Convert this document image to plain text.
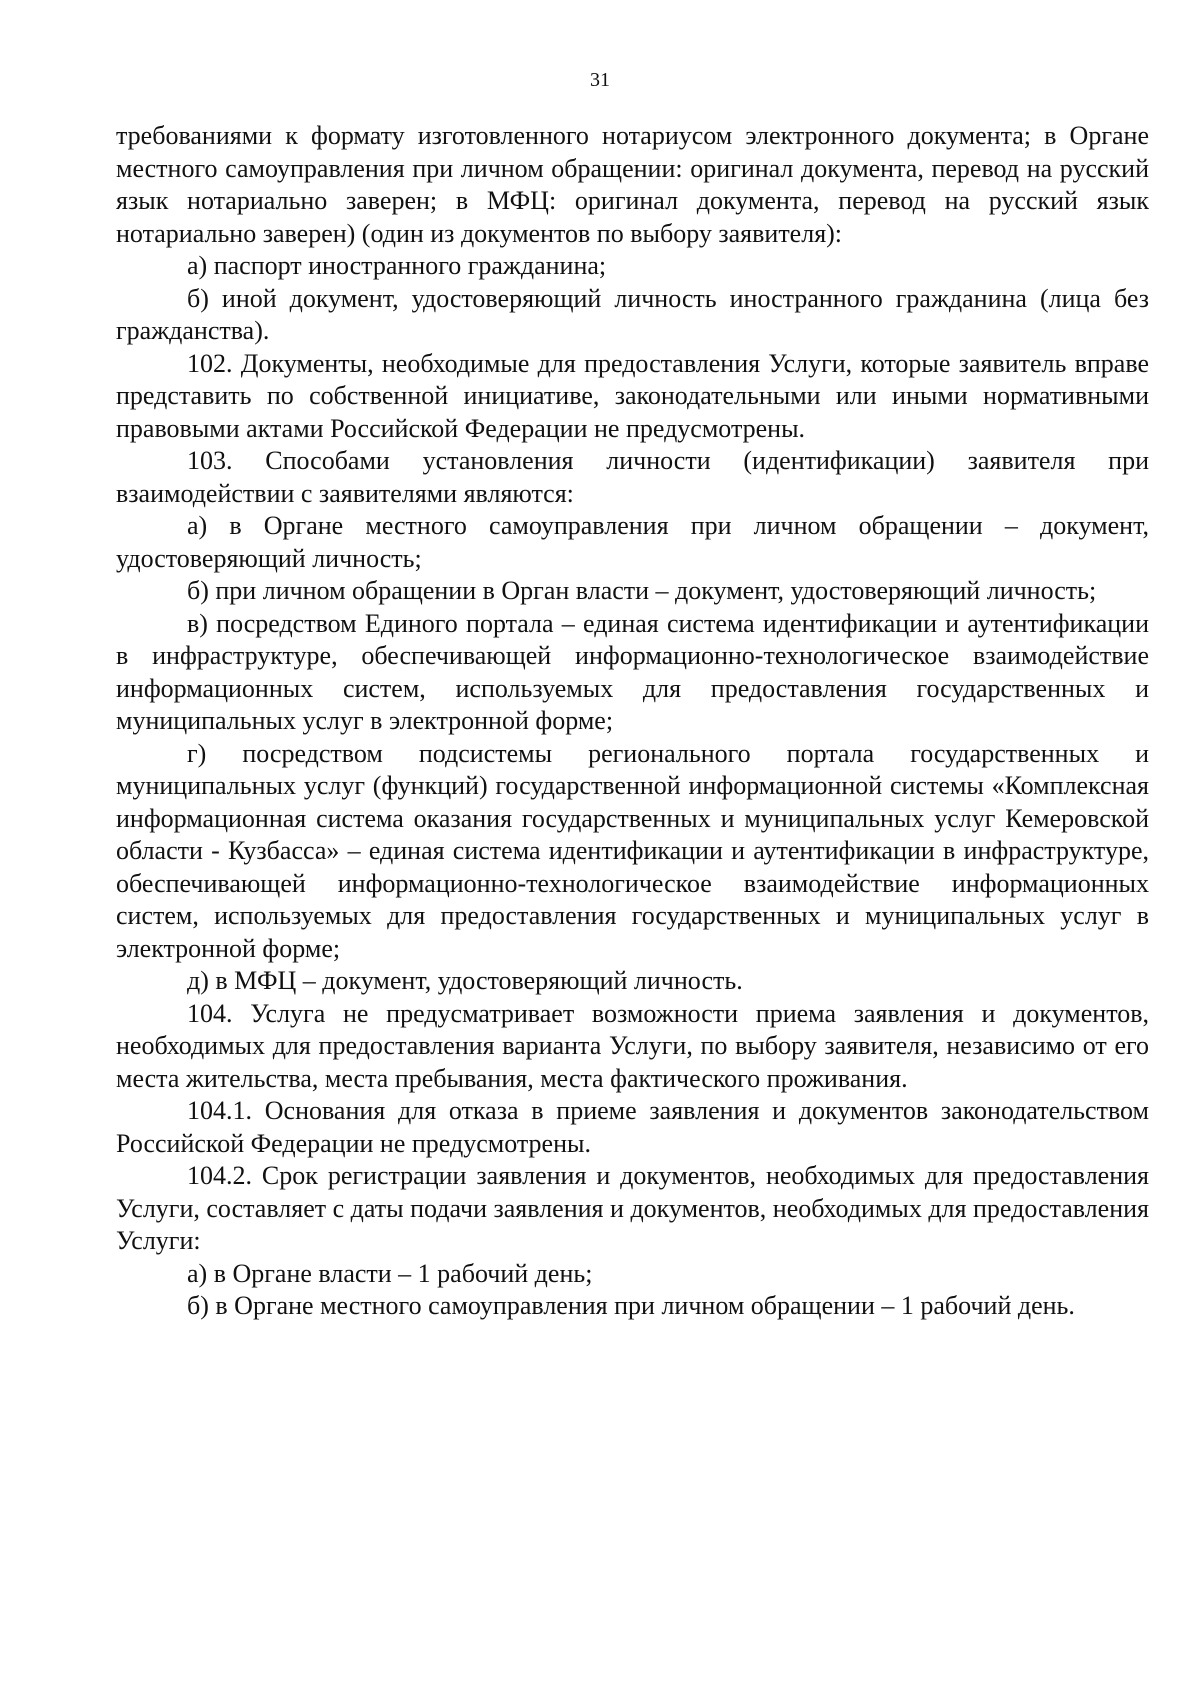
31

требованиями к формату изготовленного нотариусом электронного документа; в Органе местного самоуправления при личном обращении: оригинал документа, перевод на русский язык нотариально заверен; в МФЦ: оригинал документа, перевод на русский язык нотариально заверен) (один из документов по выбору заявителя):

а) паспорт иностранного гражданина;

б) иной документ, удостоверяющий личность иностранного гражданина (лица без гражданства).

102. Документы, необходимые для предоставления Услуги, которые заявитель вправе представить по собственной инициативе, законодательными или иными нормативными правовыми актами Российской Федерации не предусмотрены.

103. Способами установления личности (идентификации) заявителя при взаимодействии с заявителями являются:

а) в Органе местного самоуправления при личном обращении – документ, удостоверяющий личность;

б) при личном обращении в Орган власти – документ, удостоверяющий личность;

в) посредством Единого портала – единая система идентификации и аутентификации в инфраструктуре, обеспечивающей информационно-технологическое взаимодействие информационных систем, используемых для предоставления государственных и муниципальных услуг в электронной форме;

г) посредством подсистемы регионального портала государственных и муниципальных услуг (функций) государственной информационной системы «Комплексная информационная система оказания государственных и муниципальных услуг Кемеровской области - Кузбасса» – единая система идентификации и аутентификации в инфраструктуре, обеспечивающей информационно-технологическое взаимодействие информационных систем, используемых для предоставления государственных и муниципальных услуг в электронной форме;

д) в МФЦ – документ, удостоверяющий личность.

104. Услуга не предусматривает возможности приема заявления и документов, необходимых для предоставления варианта Услуги, по выбору заявителя, независимо от его места жительства, места пребывания, места фактического проживания.

104.1. Основания для отказа в приеме заявления и документов законодательством Российской Федерации не предусмотрены.

104.2. Срок регистрации заявления и документов, необходимых для предоставления Услуги, составляет с даты подачи заявления и документов, необходимых для предоставления Услуги:

а) в Органе власти – 1 рабочий день;

б) в Органе местного самоуправления при личном обращении – 1 рабочий день.
